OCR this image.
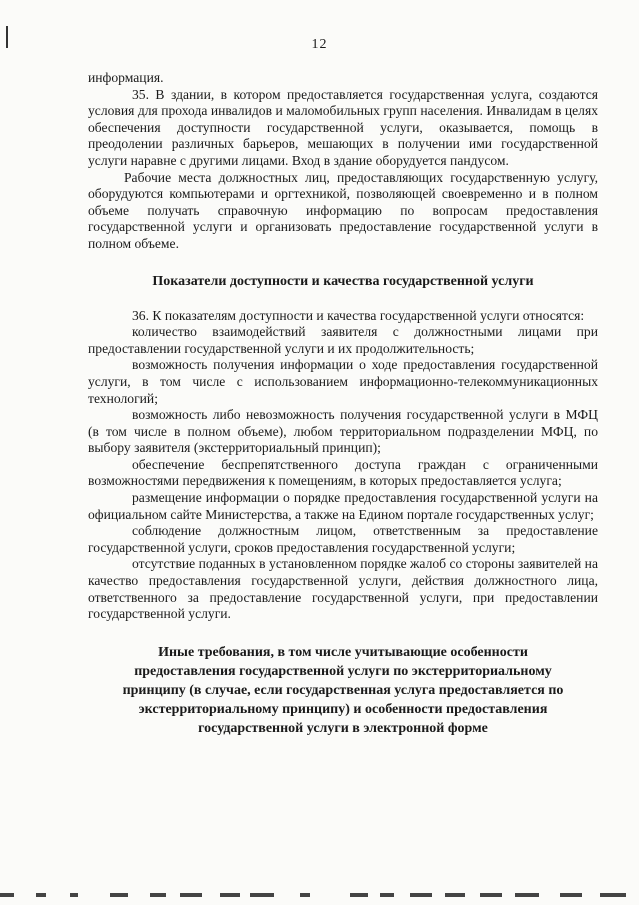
12

информация.

35. В здании, в котором предоставляется государственная услуга, создаются условия для прохода инвалидов и маломобильных групп населения. Инвалидам в целях обеспечения доступности государственной услуги, оказывается, помощь в преодолении различных барьеров, мешающих в получении ими государственной услуги наравне с другими лицами. Вход в здание оборудуется пандусом.

Рабочие места должностных лиц, предоставляющих государственную услугу, оборудуются компьютерами и оргтехникой, позволяющей своевременно и в полном объеме получать справочную информацию по вопросам предоставления государственной услуги и организовать предоставление государственной услуги в полном объеме.

Показатели доступности и качества государственной услуги

36. К показателям доступности и качества государственной услуги относятся:

количество взаимодействий заявителя с должностными лицами при предоставлении государственной услуги и их продолжительность;

возможность получения информации о ходе предоставления государственной услуги, в том числе с использованием информационно-телекоммуникационных технологий;

возможность либо невозможность получения государственной услуги в МФЦ (в том числе в полном объеме), любом территориальном подразделении МФЦ, по выбору заявителя (экстерриториальный принцип);

обеспечение беспрепятственного доступа граждан с ограниченными возможностями передвижения к помещениям, в которых предоставляется услуга;

размещение информации о порядке предоставления государственной услуги на официальном сайте Министерства, а также на Едином портале государственных услуг;

соблюдение должностным лицом, ответственным за предоставление государственной услуги, сроков предоставления государственной услуги;

отсутствие поданных в установленном порядке жалоб со стороны заявителей на качество предоставления государственной услуги, действия должностного лица, ответственного за предоставление государственной услуги, при предоставлении государственной услуги.

Иные требования, в том числе учитывающие особенности предоставления государственной услуги по экстерриториальному принципу (в случае, если государственная услуга предоставляется по экстерриториальному принципу) и особенности предоставления государственной услуги в электронной форме
